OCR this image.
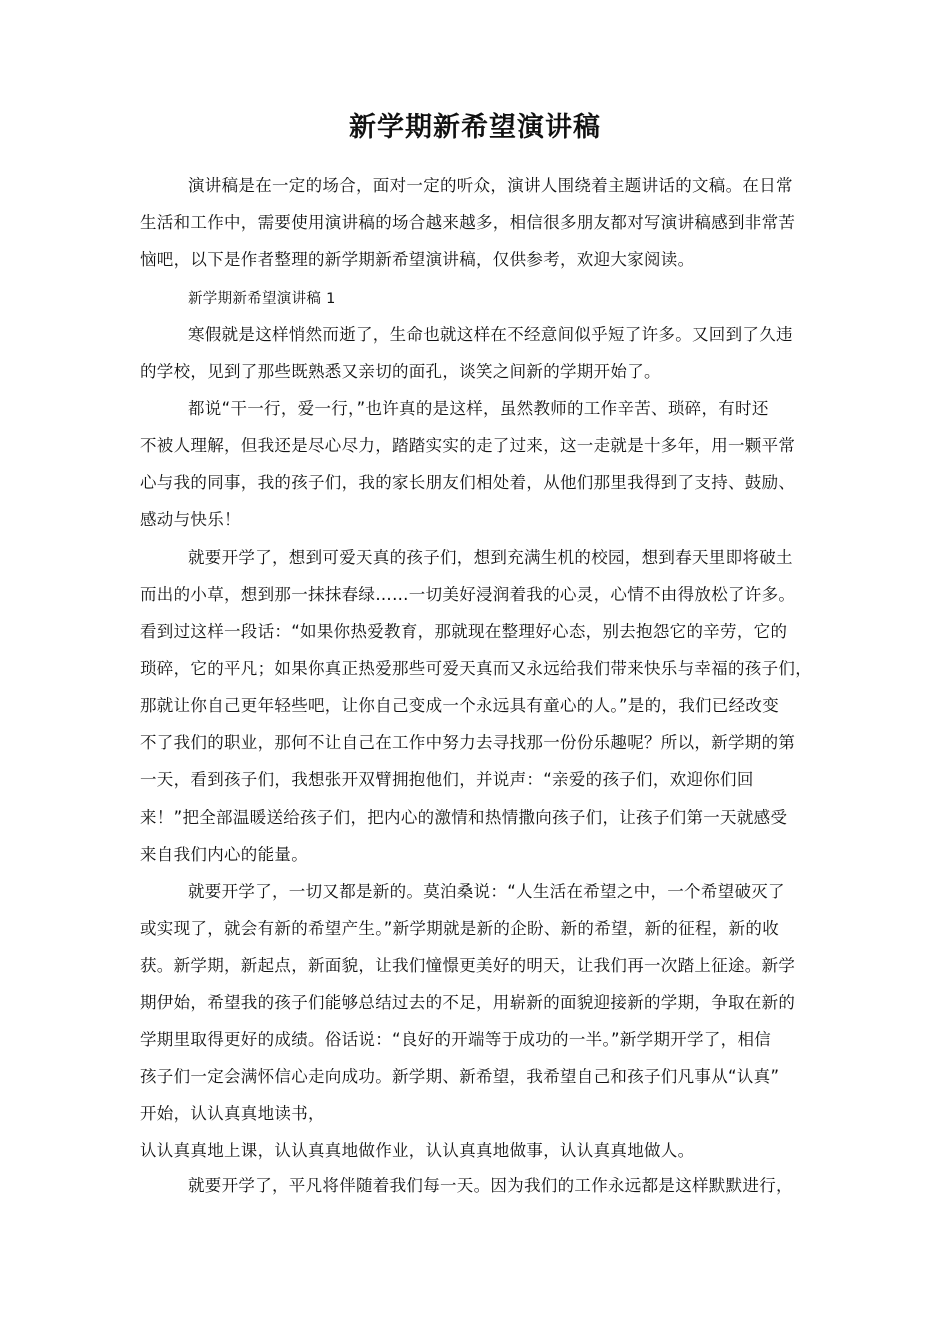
新学期新希望演讲稿
演讲稿是在一定的场合，面对一定的听众，演讲人围绕着主题讲话的文稿。在日常
生活和工作中，需要使用演讲稿的场合越来越多，相信很多朋友都对写演讲稿感到非常苦
恼吧，以下是作者整理的新学期新希望演讲稿，仅供参考，欢迎大家阅读。
新学期新希望演讲稿 1
寒假就是这样悄然而逝了，生命也就这样在不经意间似乎短了许多。又回到了久违
的学校，见到了那些既熟悉又亲切的面孔，谈笑之间新的学期开始了。
都说“干一行，爱一行，”也许真的是这样，虽然教师的工作辛苦、琐碎，有时还
不被人理解，但我还是尽心尽力，踏踏实实的走了过来，这一走就是十多年，用一颗平常
心与我的同事，我的孩子们，我的家长朋友们相处着，从他们那里我得到了支持、鼓励、
感动与快乐！
就要开学了，想到可爱天真的孩子们，想到充满生机的校园，想到春天里即将破土
而出的小草，想到那一抹抹春绿……一切美好浸润着我的心灵，心情不由得放松了许多。
看到过这样一段话：“如果你热爱教育，那就现在整理好心态，别去抱怨它的辛劳，它的
琐碎，它的平凡；如果你真正热爱那些可爱天真而又永远给我们带来快乐与幸福的孩子们，
那就让你自己更年轻些吧，让你自己变成一个永远具有童心的人。”是的，我们已经改变
不了我们的职业，那何不让自己在工作中努力去寻找那一份份乐趣呢？所以，新学期的第
一天，看到孩子们，我想张开双臂拥抱他们，并说声：“亲爱的孩子们，欢迎你们回
来！”把全部温暖送给孩子们，把内心的激情和热情撒向孩子们，让孩子们第一天就感受
来自我们内心的能量。
就要开学了，一切又都是新的。莫泊桑说：“人生活在希望之中，一个希望破灭了
或实现了，就会有新的希望产生。”新学期就是新的企盼、新的希望，新的征程，新的收
获。新学期，新起点，新面貌，让我们憧憬更美好的明天，让我们再一次踏上征途。新学
期伊始，希望我的孩子们能够总结过去的不足，用崭新的面貌迎接新的学期，争取在新的
学期里取得更好的成绩。俗话说：“良好的开端等于成功的一半。”新学期开学了，相信
孩子们一定会满怀信心走向成功。新学期、新希望，我希望自己和孩子们凡事从“认真”
开始，认认真真地读书，
认认真真地上课，认认真真地做作业，认认真真地做事，认认真真地做人。
就要开学了，平凡将伴随着我们每一天。因为我们的工作永远都是这样默默进行，
